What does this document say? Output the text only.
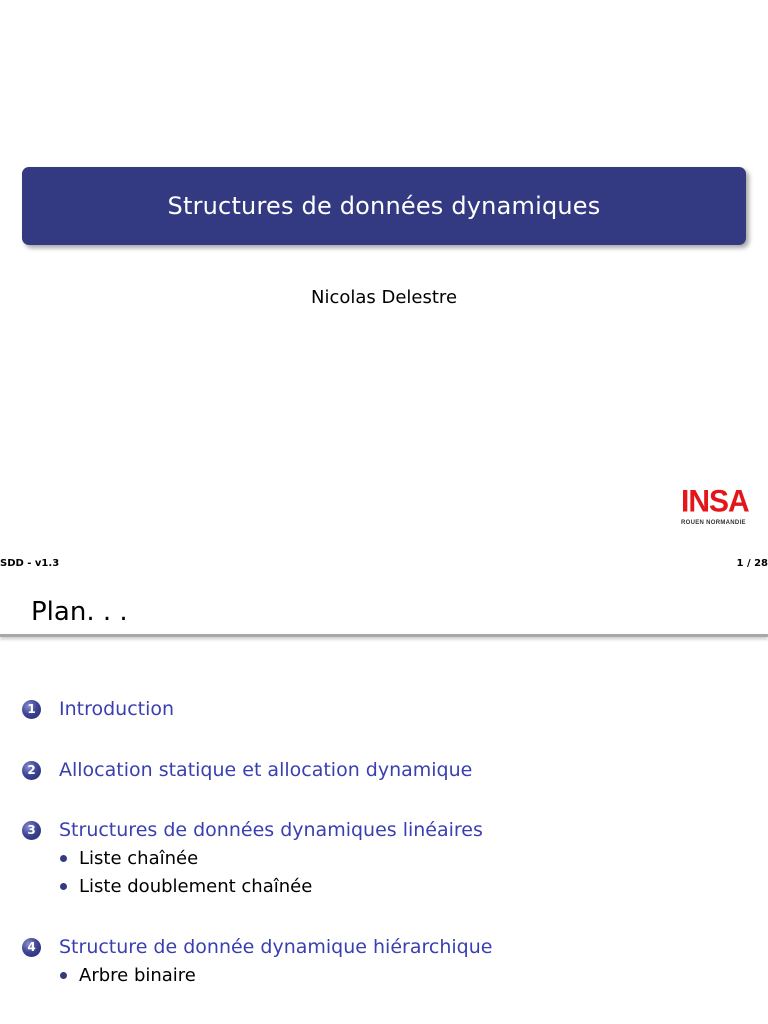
Structures de données dynamiques
Nicolas Delestre
INSA
ROUEN NORMANDIE
SDD - v1.3	1 / 28
Plan. . .
1 Introduction
2 Allocation statique et allocation dynamique
3 Structures de données dynamiques linéaires
Liste chaînée
Liste doublement chaînée
4 Structure de donnée dynamique hiérarchique
Arbre binaire
